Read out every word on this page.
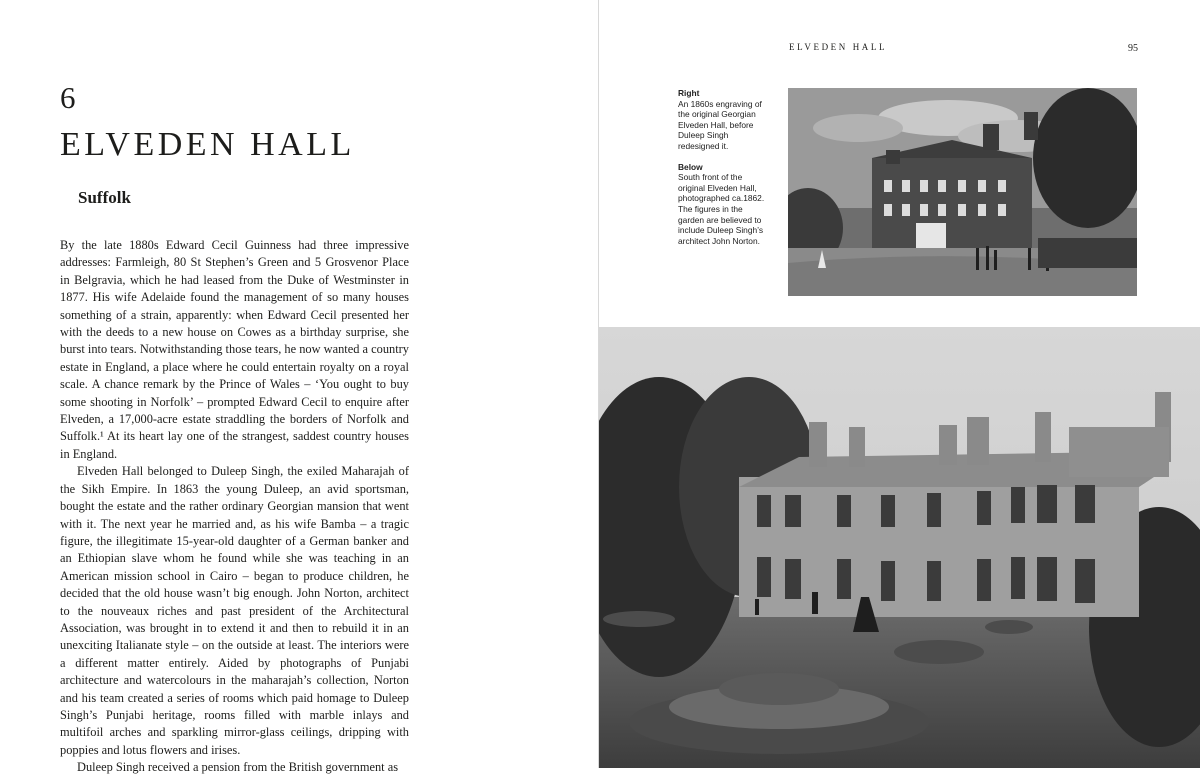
6
ELVEDEN HALL
Suffolk

By the late 1880s Edward Cecil Guinness had three impressive addresses: Farmleigh, 80 St Stephen’s Green and 5 Grosvenor Place in Belgravia, which he had leased from the Duke of Westminster in 1877. His wife Adelaide found the management of so many houses something of a strain, apparently: when Edward Cecil presented her with the deeds to a new house on Cowes as a birthday surprise, she burst into tears. Notwithstanding those tears, he now wanted a country estate in England, a place where he could entertain royalty on a royal scale. A chance remark by the Prince of Wales – ‘You ought to buy some shooting in Norfolk’ – prompted Edward Cecil to enquire after Elveden, a 17,000-acre estate straddling the borders of Norfolk and Suffolk.¹ At its heart lay one of the strangest, saddest country houses in England.

Elveden Hall belonged to Duleep Singh, the exiled Maharajah of the Sikh Empire. In 1863 the young Duleep, an avid sportsman, bought the estate and the rather ordinary Georgian mansion that went with it. The next year he married and, as his wife Bamba – a tragic figure, the illegitimate 15-year-old daughter of a German banker and an Ethiopian slave whom he found while she was teaching in an American mission school in Cairo – began to produce children, he decided that the old house wasn’t big enough. John Norton, architect to the nouveaux riches and past president of the Architectural Association, was brought in to extend it and then to rebuild it in an unexciting Italianate style – on the outside at least. The interiors were a different matter entirely. Aided by photographs of Punjabi architecture and watercolours in the maharajah’s collection, Norton and his team created a series of rooms which paid homage to Duleep Singh’s Punjabi heritage, rooms filled with marble inlays and multifoil arches and sparkling mirror-glass ceilings, dripping with poppies and lotus flowers and irises.

Duleep Singh received a pension from the British government as

ELVEDEN HALL	95
Right
An 1860s engraving of the original Georgian Elveden Hall, before Duleep Singh redesigned it.
Below
South front of the original Elveden Hall, photographed ca.1862. The figures in the garden are believed to include Duleep Singh’s architect John Norton.
